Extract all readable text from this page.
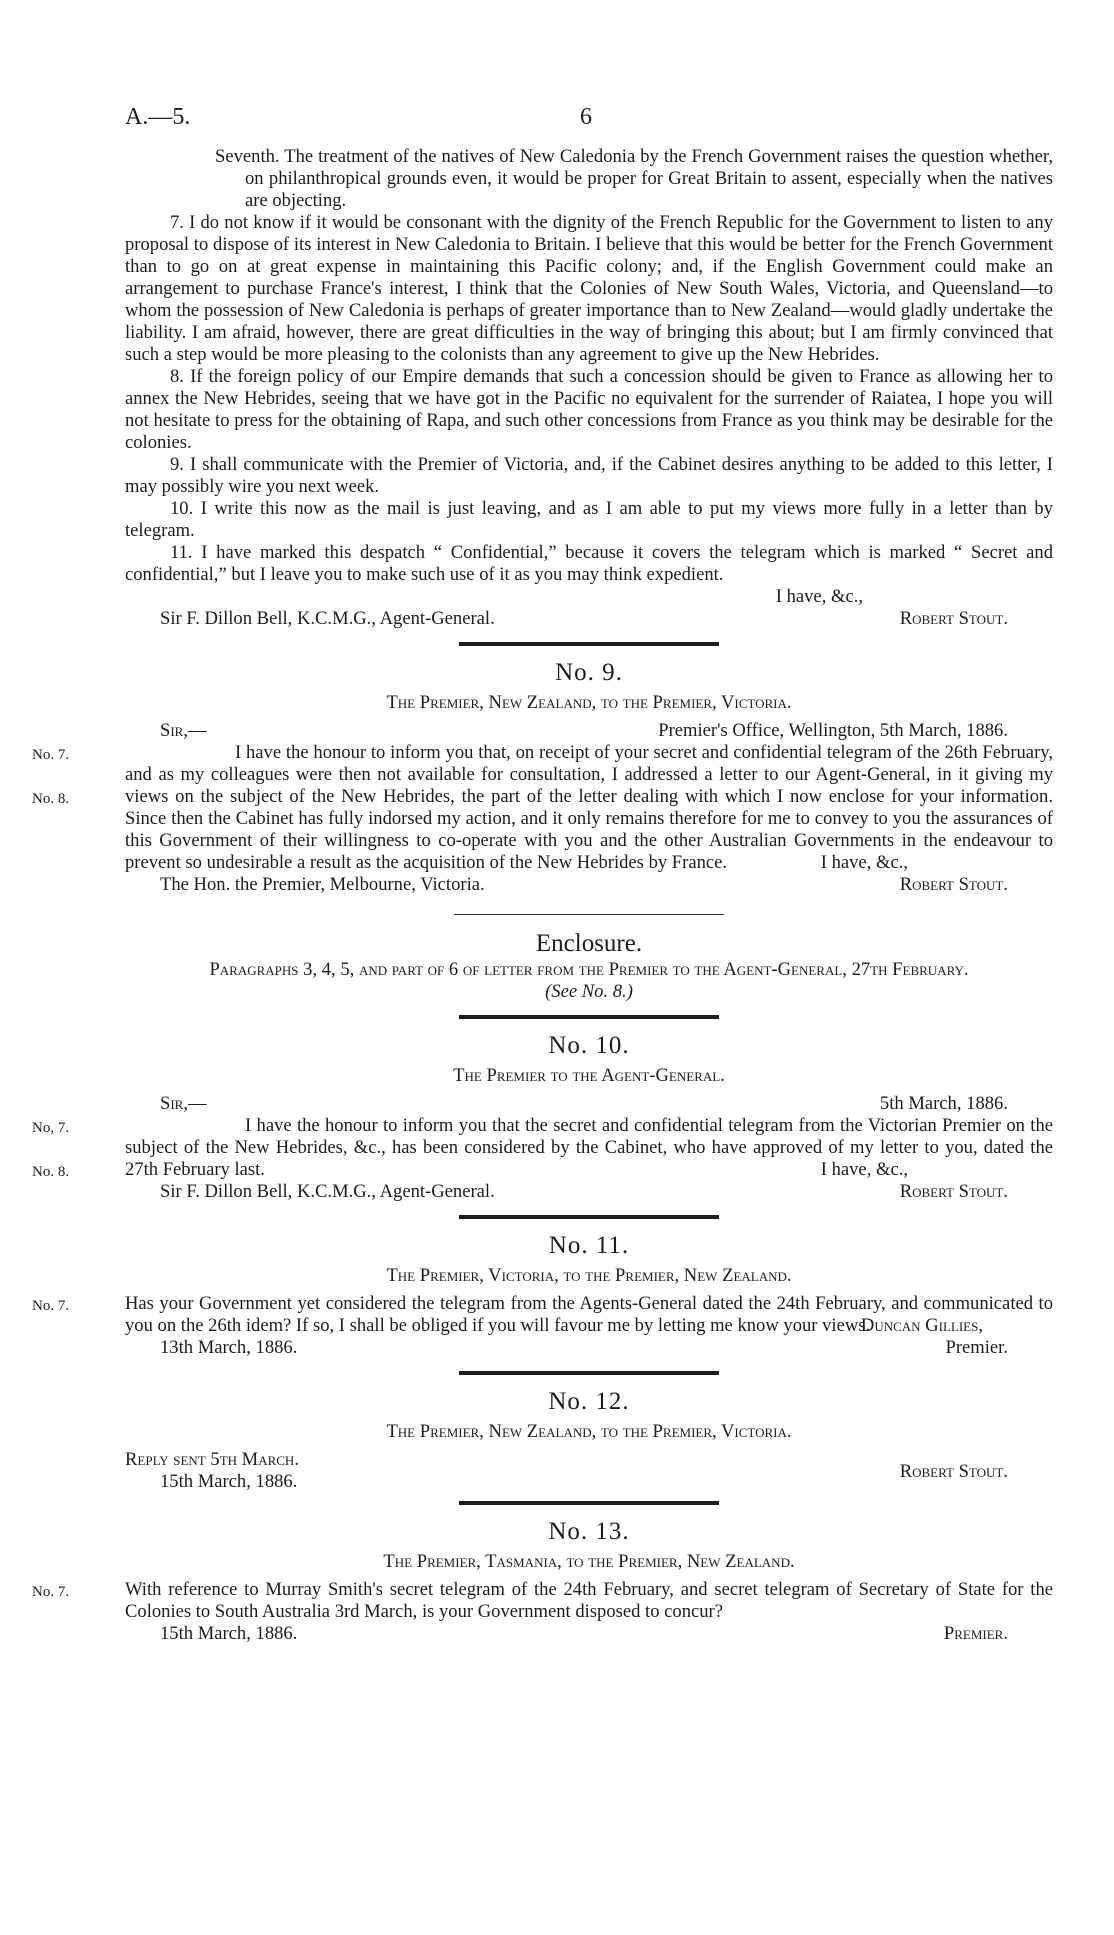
A.—5.	6

Seventh. The treatment of the natives of New Caledonia by the French Government raises the question whether, on philanthropical grounds even, it would be proper for Great Britain to assent, especially when the natives are objecting.

7. I do not know if it would be consonant with the dignity of the French Republic for the Government to listen to any proposal to dispose of its interest in New Caledonia to Britain. I believe that this would be better for the French Government than to go on at great expense in maintaining this Pacific colony; and, if the English Government could make an arrangement to purchase France's interest, I think that the Colonies of New South Wales, Victoria, and Queensland—to whom the possession of New Caledonia is perhaps of greater importance than to New Zealand—would gladly undertake the liability. I am afraid, however, there are great difficulties in the way of bringing this about; but I am firmly convinced that such a step would be more pleasing to the colonists than any agreement to give up the New Hebrides.

8. If the foreign policy of our Empire demands that such a concession should be given to France as allowing her to annex the New Hebrides, seeing that we have got in the Pacific no equivalent for the surrender of Raiatea, I hope you will not hesitate to press for the obtaining of Rapa, and such other concessions from France as you think may be desirable for the colonies.

9. I shall communicate with the Premier of Victoria, and, if the Cabinet desires anything to be added to this letter, I may possibly wire you next week.

10. I write this now as the mail is just leaving, and as I am able to put my views more fully in a letter than by telegram.

11. I have marked this despatch “ Confidential,” because it covers the telegram which is marked “ Secret and confidential,” but I leave you to make such use of it as you may think expedient.

I have, &c.,
Sir F. Dillon Bell, K.C.M.G., Agent-General.	Robert Stout.
No. 9.
The Premier, New Zealand, to the Premier, Victoria.
Sir,—	Premier's Office, Wellington, 5th March, 1886.
No. 7.
No. 8.

I have the honour to inform you that, on receipt of your secret and confidential telegram of the 26th February, and as my colleagues were then not available for consultation, I addressed a letter to our Agent-General, in it giving my views on the subject of the New Hebrides, the part of the letter dealing with which I now enclose for your information. Since then the Cabinet has fully indorsed my action, and it only remains therefore for me to convey to you the assurances of this Government of their willingness to co-operate with you and the other Australian Governments in the endeavour to prevent so undesirable a result as the acquisition of the New Hebrides by France.	I have, &c.,
The Hon. the Premier, Melbourne, Victoria.	Robert Stout.
Enclosure.
Paragraphs 3, 4, 5, and part of 6 of letter from the Premier to the Agent-General, 27th February.
(See No. 8.)
No. 10.
The Premier to the Agent-General.
Sir,—	5th March, 1886.
No, 7.
No. 8.

I have the honour to inform you that the secret and confidential telegram from the Victorian Premier on the subject of the New Hebrides, &c., has been considered by the Cabinet, who have approved of my letter to you, dated the 27th February last.	I have, &c.,
Sir F. Dillon Bell, K.C.M.G., Agent-General.	Robert Stout.
No. 11.
The Premier, Victoria, to the Premier, New Zealand.
No. 7.	Has your Government yet considered the telegram from the Agents-General dated the 24th February, and communicated to you on the 26th idem? If so, I shall be obliged if you will favour me by letting me know your views.

Duncan Gillies,
13th March, 1886.	Premier.
No. 12.
The Premier, New Zealand, to the Premier, Victoria.
Reply sent 5th March.
15th March, 1886.	Robert Stout.
No. 13.
The Premier, Tasmania, to the Premier, New Zealand.
No. 7.	With reference to Murray Smith's secret telegram of the 24th February, and secret telegram of Secretary of State for the Colonies to South Australia 3rd March, is your Government disposed to concur?

15th March, 1886.	Premier.
